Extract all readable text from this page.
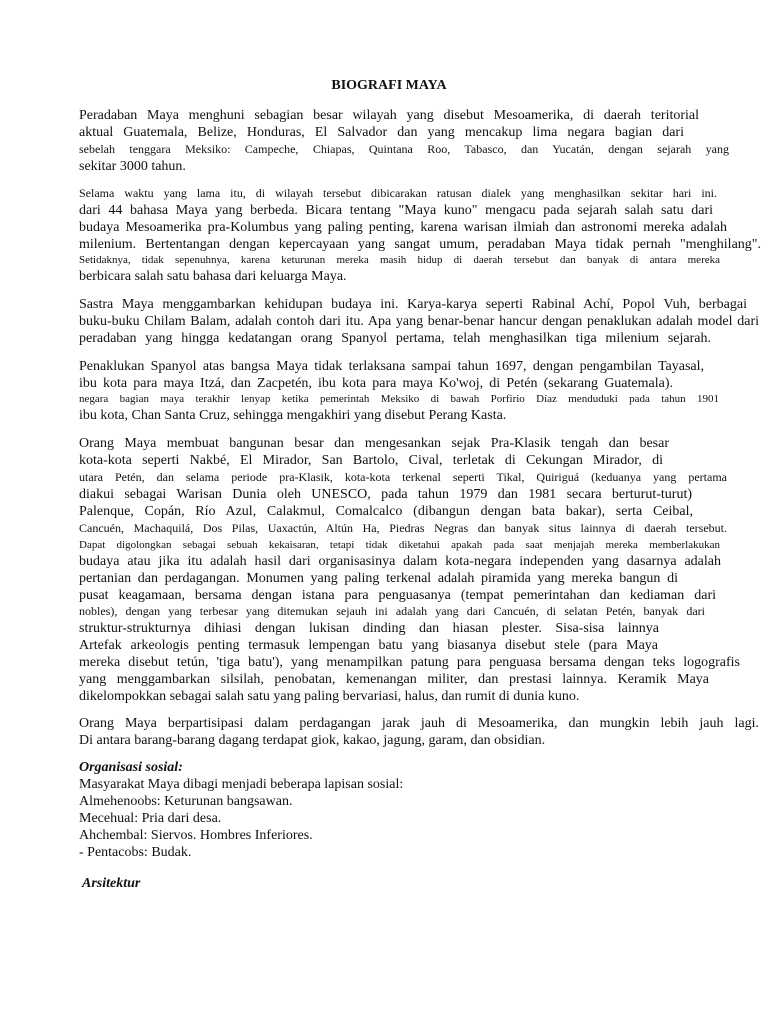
BIOGRAFI MAYA
Peradaban Maya menghuni sebagian besar wilayah yang disebut Mesoamerika, di daerah teritorial
aktual Guatemala, Belize, Honduras, El Salvador dan yang mencakup lima negara bagian dari
sebelah tenggara Meksiko: Campeche, Chiapas, Quintana Roo, Tabasco, dan Yucatán, dengan sejarah yang
sekitar 3000 tahun.
Selama waktu yang lama itu, di wilayah tersebut dibicarakan ratusan dialek yang menghasilkan sekitar hari ini.
dari 44 bahasa Maya yang berbeda. Bicara tentang "Maya kuno" mengacu pada sejarah salah satu dari
budaya Mesoamerika pra-Kolumbus yang paling penting, karena warisan ilmiah dan astronomi mereka adalah
milenium. Bertentangan dengan kepercayaan yang sangat umum, peradaban Maya tidak pernah "menghilang".
Setidaknya, tidak sepenuhnya, karena keturunan mereka masih hidup di daerah tersebut dan banyak di antara mereka
berbicara salah satu bahasa dari keluarga Maya.
Sastra Maya menggambarkan kehidupan budaya ini. Karya-karya seperti Rabinal Achí, Popol Vuh, berbagai
buku-buku Chilam Balam, adalah contoh dari itu. Apa yang benar-benar hancur dengan penaklukan adalah model dari
peradaban yang hingga kedatangan orang Spanyol pertama, telah menghasilkan tiga milenium sejarah.
Penaklukan Spanyol atas bangsa Maya tidak terlaksana sampai tahun 1697, dengan pengambilan Tayasal,
ibu kota para maya Itzá, dan Zacpetén, ibu kota para maya Ko'woj, di Petén (sekarang Guatemala).
negara bagian maya terakhir lenyap ketika pemerintah Meksiko di bawah Porfirio Díaz menduduki pada tahun 1901
ibu kota, Chan Santa Cruz, sehingga mengakhiri yang disebut Perang Kasta.
Orang Maya membuat bangunan besar dan mengesankan sejak Pra-Klasik tengah dan besar
kota-kota seperti Nakbé, El Mirador, San Bartolo, Cival, terletak di Cekungan Mirador, di
utara Petén, dan selama periode pra-Klasik, kota-kota terkenal seperti Tikal, Quiriguá (keduanya yang pertama
diakui sebagai Warisan Dunia oleh UNESCO, pada tahun 1979 dan 1981 secara berturut-turut)
Palenque, Copán, Río Azul, Calakmul, Comalcalco (dibangun dengan bata bakar), serta Ceibal,
Cancuén, Machaquilá, Dos Pilas, Uaxactún, Altún Ha, Piedras Negras dan banyak situs lainnya di daerah tersebut.
Dapat digolongkan sebagai sebuah kekaisaran, tetapi tidak diketahui apakah pada saat menjajah mereka memberlakukan
budaya atau jika itu adalah hasil dari organisasinya dalam kota-negara independen yang dasarnya adalah
pertanian dan perdagangan. Monumen yang paling terkenal adalah piramida yang mereka bangun di
pusat keagamaan, bersama dengan istana para penguasanya (tempat pemerintahan dan kediaman dari
nobles), dengan yang terbesar yang ditemukan sejauh ini adalah yang dari Cancuén, di selatan Petén, banyak dari
struktur-strukturnya dihiasi dengan lukisan dinding dan hiasan plester. Sisa-sisa lainnya
Artefak arkeologis penting termasuk lempengan batu yang biasanya disebut stele (para Maya
mereka disebut tetún, 'tiga batu'), yang menampilkan patung para penguasa bersama dengan teks logografis
yang menggambarkan silsilah, penobatan, kemenangan militer, dan prestasi lainnya. Keramik Maya
dikelompokkan sebagai salah satu yang paling bervariasi, halus, dan rumit di dunia kuno.
Orang Maya berpartisipasi dalam perdagangan jarak jauh di Mesoamerika, dan mungkin lebih jauh lagi.
Di antara barang-barang dagang terdapat giok, kakao, jagung, garam, dan obsidian.
Organisasi sosial:
Masyarakat Maya dibagi menjadi beberapa lapisan sosial:
Almehenoobs: Keturunan bangsawan.
Mecehual: Pria dari desa.
Ahchembal: Siervos. Hombres Inferiores.
- Pentacobs: Budak.
Arsitektur
